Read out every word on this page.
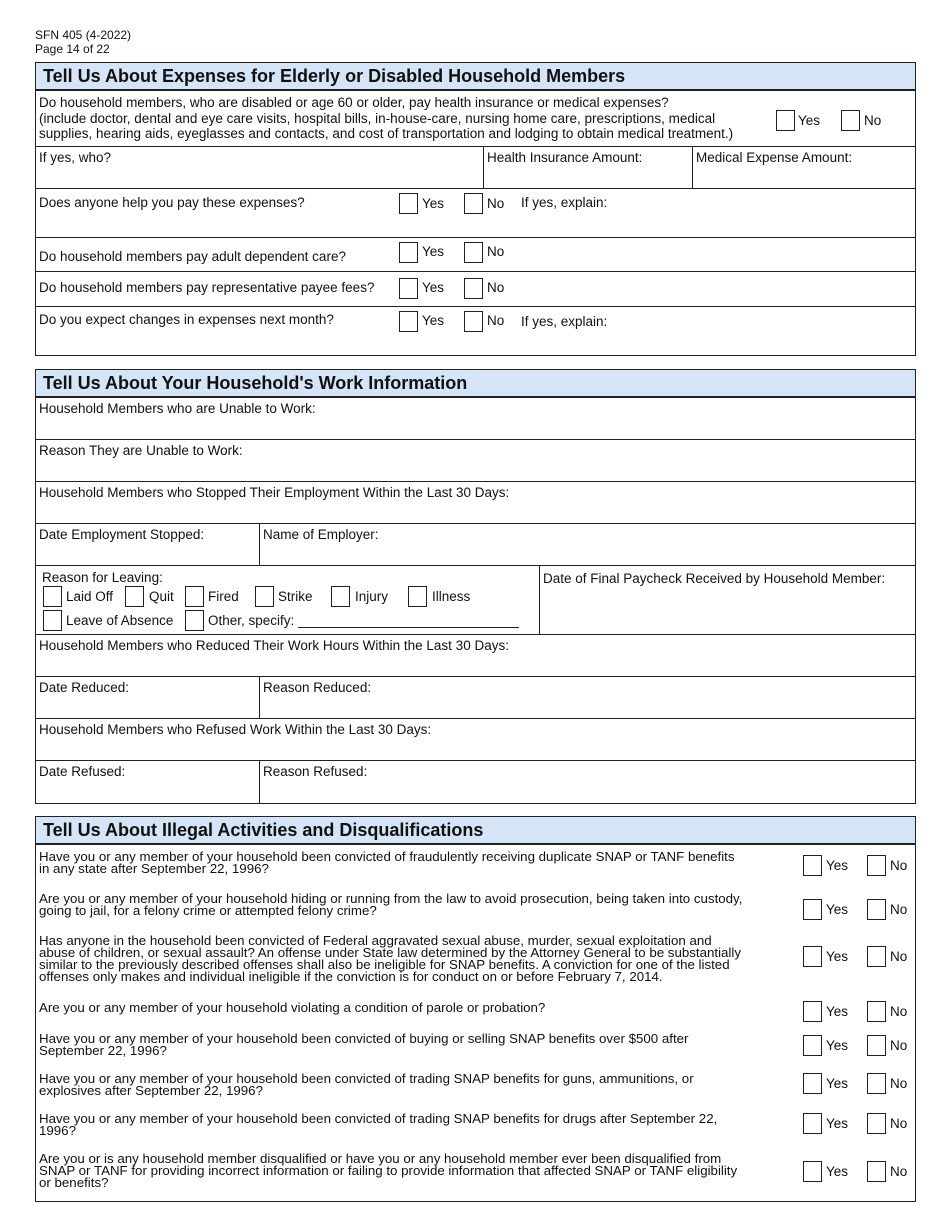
SFN 405 (4-2022)
Page 14 of 22
Tell Us About Expenses for Elderly or Disabled Household Members
Do household members, who are disabled or age 60 or older, pay health insurance or medical expenses?
(include doctor, dental and eye care visits, hospital bills, in-house-care, nursing home care, prescriptions, medical
supplies, hearing aids, eyeglasses and contacts, and cost of transportation and lodging to obtain medical treatment.)
Yes	No
If yes, who?	Health Insurance Amount:	Medical Expense Amount:
Does anyone help you pay these expenses?	Yes	No If yes, explain:
Do household members pay adult dependent care?	Yes	No
Do household members pay representative payee fees?	Yes	No
Do you expect changes in expenses next month?	Yes	No If yes, explain:
Tell Us About Your Household's Work Information
Household Members who are Unable to Work:
Reason They are Unable to Work:
Household Members who Stopped Their Employment Within the Last 30 Days:
Date Employment Stopped:	Name of Employer:
Reason for Leaving:
Laid Off	Quit	Fired	Strike	Injury	Illness
Leave of Absence	Other, specify:
Date of Final Paycheck Received by Household Member:
Household Members who Reduced Their Work Hours Within the Last 30 Days:
Date Reduced:	Reason Reduced:
Household Members who Refused Work Within the Last 30 Days:
Date Refused:	Reason Refused:
Tell Us About Illegal Activities and Disqualifications
Have you or any member of your household been convicted of fraudulently receiving duplicate SNAP or TANF benefits
in any state after September 22, 1996?	Yes	No
Are you or any member of your household hiding or running from the law to avoid prosecution, being taken into custody,
going to jail, for a felony crime or attempted felony crime?	Yes	No
Has anyone in the household been convicted of Federal aggravated sexual abuse, murder, sexual exploitation and
abuse of children, or sexual assault? An offense under State law determined by the Attorney General to be substantially
similar to the previously described offenses shall also be ineligible for SNAP benefits. A conviction for one of the listed
offenses only makes and individual ineligible if the conviction is for conduct on or before February 7, 2014.
Yes	No
Are you or any member of your household violating a condition of parole or probation?	Yes	No
Have you or any member of your household been convicted of buying or selling SNAP benefits over $500 after
September 22, 1996?	Yes	No
Have you or any member of your household been convicted of trading SNAP benefits for guns, ammunitions, or
explosives after September 22, 1996?	Yes	No
Have you or any member of your household been convicted of trading SNAP benefits for drugs after September 22,
1996?	Yes	No
Are you or is any household member disqualified or have you or any household member ever been disqualified from
SNAP or TANF for providing incorrect information or failing to provide information that affected SNAP or TANF eligibility
or benefits?
Yes	No
